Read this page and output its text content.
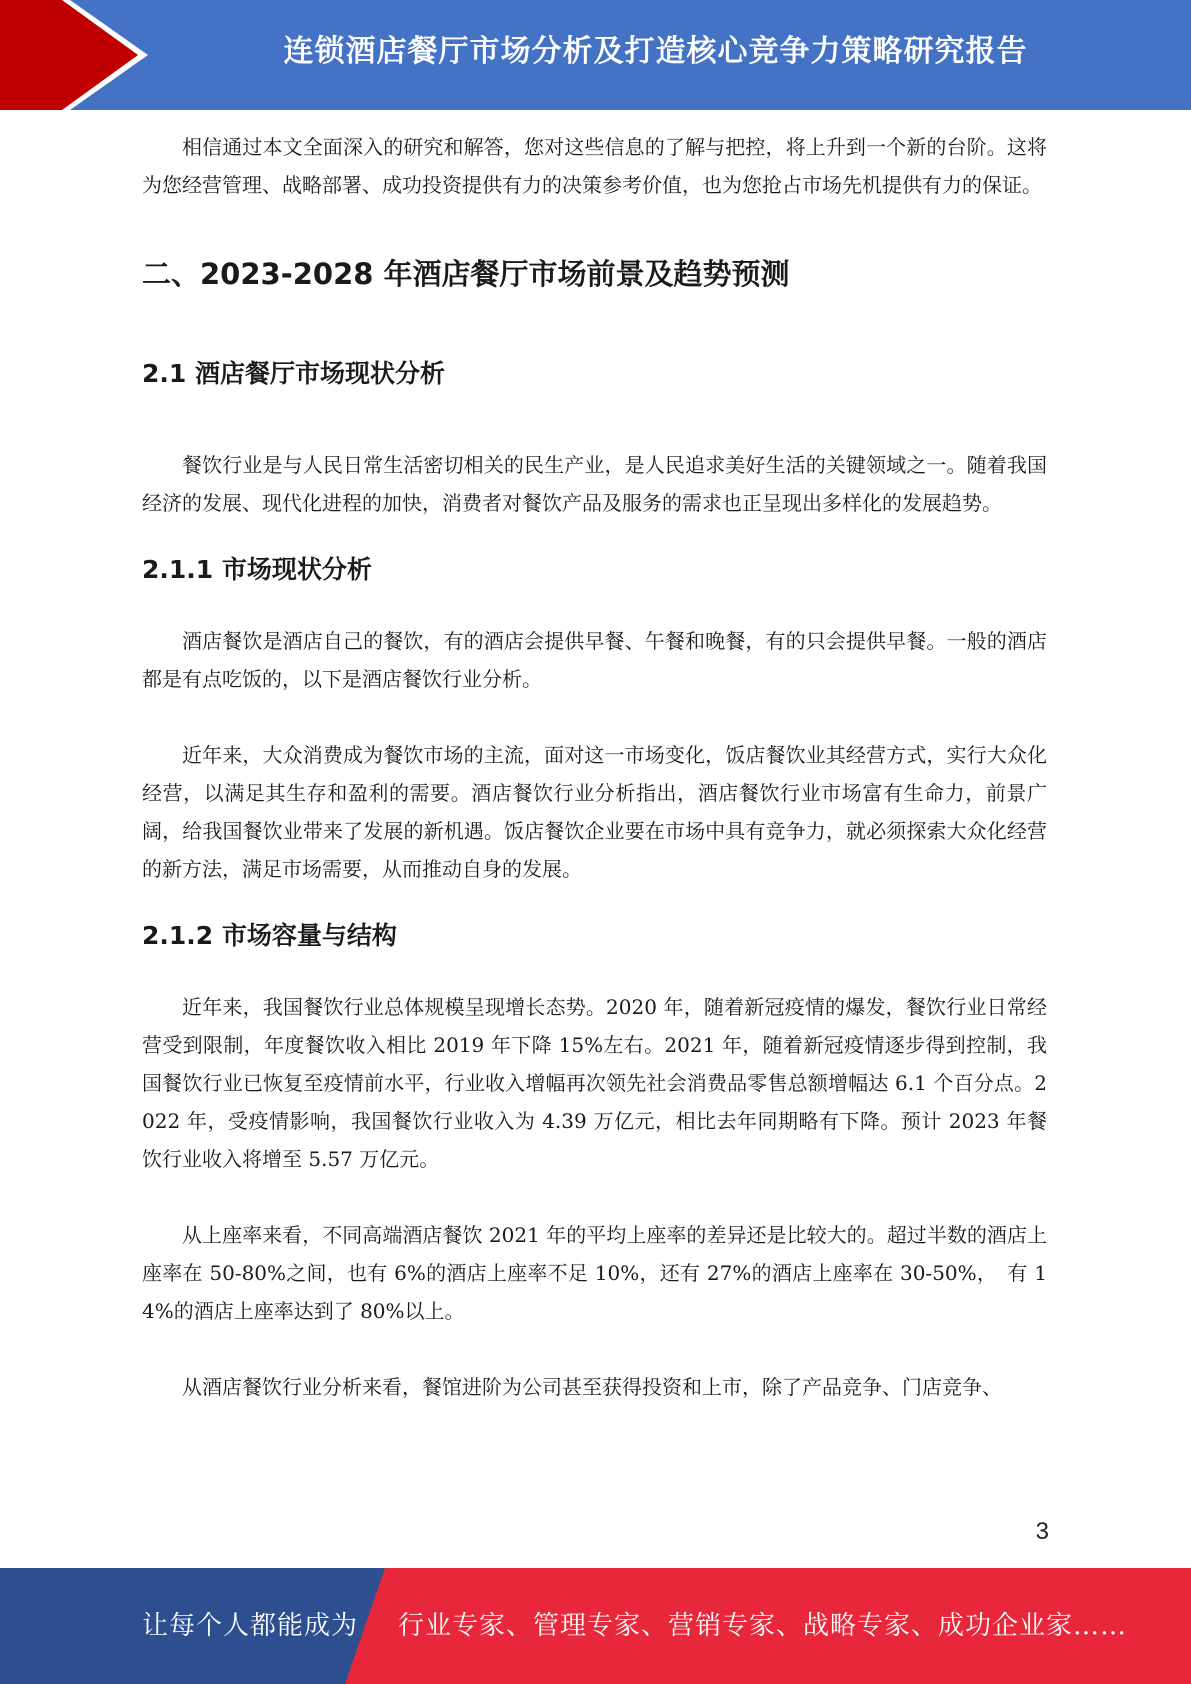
连锁酒店餐厅市场分析及打造核心竞争力策略研究报告

相信通过本文全面深入的研究和解答，您对这些信息的了解与把控，将上升到一个新的台阶。这将为您经营管理、战略部署、成功投资提供有力的决策参考价值，也为您抢占市场先机提供有力的保证。

二、2023-2028 年酒店餐厅市场前景及趋势预测
2.1 酒店餐厅市场现状分析

餐饮行业是与人民日常生活密切相关的民生产业，是人民追求美好生活的关键领域之一。随着我国经济的发展、现代化进程的加快，消费者对餐饮产品及服务的需求也正呈现出多样化的发展趋势。

2.1.1 市场现状分析

酒店餐饮是酒店自己的餐饮，有的酒店会提供早餐、午餐和晚餐，有的只会提供早餐。一般的酒店都是有点吃饭的，以下是酒店餐饮行业分析。

近年来，大众消费成为餐饮市场的主流，面对这一市场变化，饭店餐饮业其经营方式，实行大众化经营，以满足其生存和盈利的需要。酒店餐饮行业分析指出，酒店餐饮行业市场富有生命力，前景广阔，给我国餐饮业带来了发展的新机遇。饭店餐饮企业要在市场中具有竞争力，就必须探索大众化经营的新方法，满足市场需要，从而推动自身的发展。

2.1.2 市场容量与结构

近年来，我国餐饮行业总体规模呈现增长态势。2020 年，随着新冠疫情的爆发，餐饮行业日常经营受到限制，年度餐饮收入相比 2019 年下降 15%左右。2021 年，随着新冠疫情逐步得到控制，我国餐饮行业已恢复至疫情前水平，行业收入增幅再次领先社会消费品零售总额增幅达 6.1 个百分点。2022 年，受疫情影响，我国餐饮行业收入为 4.39 万亿元，相比去年同期略有下降。预计 2023 年餐饮行业收入将增至 5.57 万亿元。

从上座率来看，不同高端酒店餐饮 2021 年的平均上座率的差异还是比较大的。超过半数的酒店上座率在 50-80%之间，也有 6%的酒店上座率不足 10%，还有 27%的酒店上座率在 30-50%，　有 14%的酒店上座率达到了 80%以上。

从酒店餐饮行业分析来看，餐馆进阶为公司甚至获得投资和上市，除了产品竞争、门店竞争、

3
让每个人都能成为 行业专家、管理专家、营销专家、战略专家、成功企业家……
